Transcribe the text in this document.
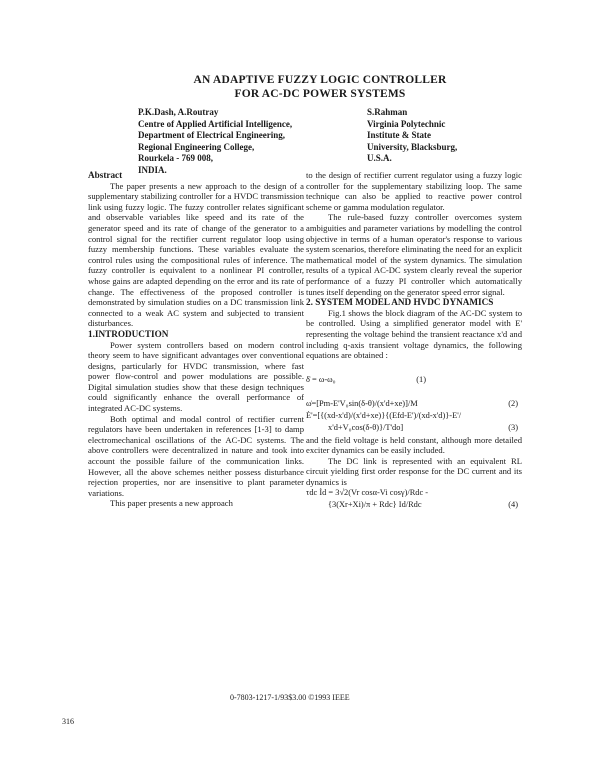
AN ADAPTIVE FUZZY LOGIC CONTROLLER
FOR AC-DC POWER SYSTEMS
P.K.Dash, A.Routray
Centre of Applied Artificial Intelligence,
Department of Electrical Engineering,
Regional Engineering College,
Rourkela - 769 008,
INDIA.
S.Rahman
Virginia Polytechnic
Institute & State
University, Blacksburg,
U.S.A.
Abstract

The paper presents a new approach to the design of a supplementary stabilizing controller for a HVDC transmission link using fuzzy logic. The fuzzy controller relates significant and observable variables like speed and its rate of the generator speed and its rate of change of the generator to a control signal for the rectifier current regulator loop using fuzzy membership functions. These variables evaluate the control rules using the compositional rules of inference. The fuzzy controller is equivalent to a nonlinear PI controller, whose gains are adapted depending on the error and its rate of change. The effectiveness of the proposed controller is demonstrated by simulation studies on a DC transmission link connected to a weak AC system and subjected to transient disturbances.

1.INTRODUCTION

Power system controllers based on modern control theory seem to have significant advantages over conventional designs, particularly for HVDC transmission, where fast power flow-control and power modulations are possible. Digital simulation studies show that these design techniques could significantly enhance the overall performance of integrated AC-DC systems.

Both optimal and modal control of rectifier current regulators have been undertaken in references [1-3] to damp electromechanical oscillations of the AC-DC systems. The above controllers were decentralized in nature and took into account the possible failure of the communication links. However, all the above schemes neither possess disturbance rejection properties, nor are insensitive to plant parameter variations.

This paper presents a new approach

to the design of rectifier current regulator using a fuzzy logic controller for the supplementary stabilizing loop. The same technique can also be applied to reactive power control scheme or gamma modulation regulator.

The rule-based fuzzy controller overcomes system ambiguities and parameter variations by modelling the control objective in terms of a human operator's response to various system scenarios, therefore eliminating the need for an explicit mathematical model of the system dynamics. The simulation results of a typical AC-DC system clearly reveal the superior performance of a fuzzy PI controller which automatically tunes itself depending on the generator speed error signal.

2. SYSTEM MODEL AND HVDC DYNAMICS

Fig.1 shows the block diagram of the AC-DC system to be controlled. Using a simplified generator model with E' representing the voltage behind the transient reactance x'd and including q-axis transient voltage dynamics, the following equations are obtained :

δ̇ = ω-ω₀	(1)
ω̇=[Pm-E'V₀sin(δ-θ)/(x'd+xe)]/M	(2)
Ė'=[{(xd-x'd)/(x'd+xe)}{(Efd-E')/(xd-x'd)}-E'/
x'd+V₀cos(δ-θ)}/T'do]	(3)

and the field voltage is held constant, although more detailed exciter dynamics can be easily included.

The DC link is represented with an equivalent RL circuit yielding first order response for the DC current and its dynamics is

τdc İd = 3√2(Vr cosα-Vi cosγ)/Rdc -
{3(Xr+Xi)/π + Rdc} Id/Rdc	(4)
0-7803-1217-1/93$3.00 ©1993 IEEE
316
